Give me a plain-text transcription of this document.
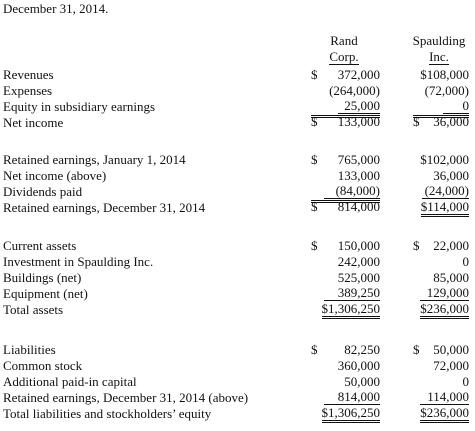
December 31, 2014.
Rand
Corp.
Spaulding
Inc.
Revenues	$ 372,000	$108,000
Expenses	(264,000)	(72,000)
Equity in subsidiary earnings	25,000	0
Net income	$ 133,000	$ 36,000
Retained earnings, January 1, 2014	$ 765,000	$102,000
Net income (above)	133,000	36,000
Dividends paid	(84,000)	(24,000)
Retained earnings, December 31, 2014	$ 814,000	$114,000
Current assets	$ 150,000	$ 22,000
Investment in Spaulding Inc.	242,000	0
Buildings (net)	525,000	85,000
Equipment (net)	389,250	129,000
Total assets	$1,306,250	$236,000
Liabilities	$ 82,250	$ 50,000
Common stock	360,000	72,000
Additional paid-in capital	50,000	0
Retained earnings, December 31, 2014 (above)	814,000	114,000
Total liabilities and stockholders’ equity	$1,306,250	$236,000
